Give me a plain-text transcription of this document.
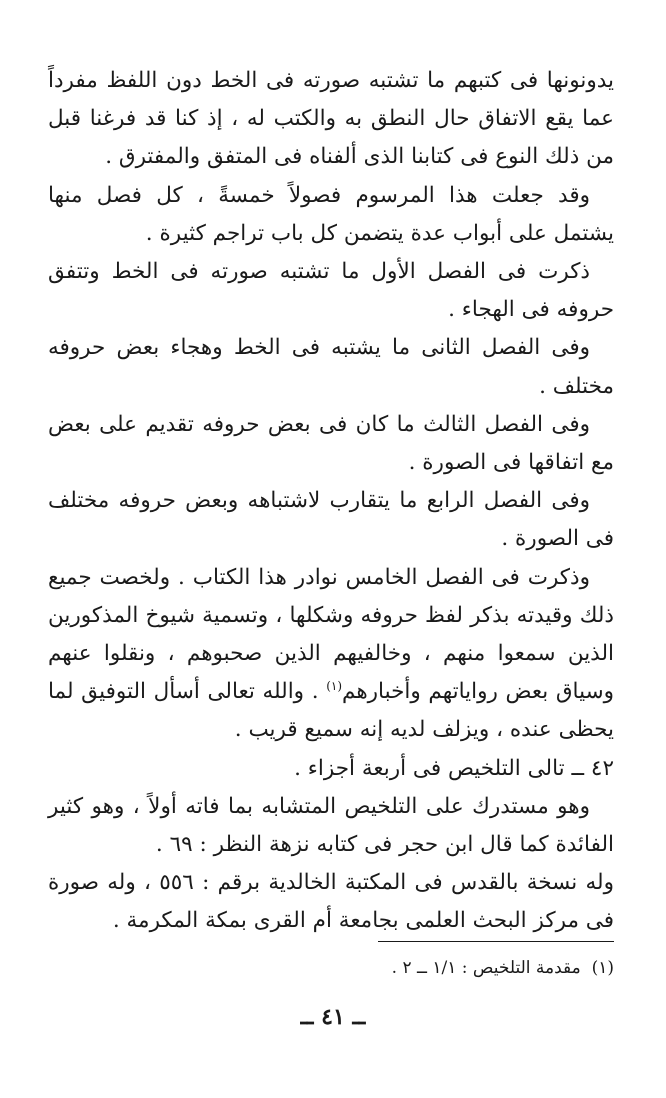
يدونونها فى كتبهم ما تشتبه صورته فى الخط دون اللفظ مفرداً عما يقع الاتفاق حال النطق به والكتب له ، إذ كنا قد فرغنا قبل من ذلك النوع فى كتابنا الذى ألفناه فى المتفق والمفترق .

وقد جعلت هذا المرسوم فصولاً خمسةً ، كل فصل منها يشتمل على أبواب عدة يتضمن كل باب تراجم كثيرة .

ذكرت فى الفصل الأول ما تشتبه صورته فى الخط وتتفق حروفه فى الهجاء .

وفى الفصل الثانى ما يشتبه فى الخط وهجاء بعض حروفه مختلف .

وفى الفصل الثالث ما كان فى بعض حروفه تقديم على بعض مع اتفاقها فى الصورة .

وفى الفصل الرابع ما يتقارب لاشتباهه وبعض حروفه مختلف فى الصورة .

وذكرت فى الفصل الخامس نوادر هذا الكتاب . ولخصت جميع ذلك وقيدته بذكر لفظ حروفه وشكلها ، وتسمية شيوخ المذكورين الذين سمعوا منهم ، وخالفيهم الذين صحبوهم ، ونقلوا عنهم وسياق بعض رواياتهم وأخبارهم$^{(١)}$ . والله تعالى أسأل التوفيق لما يحظى عنده ، ويزلف لديه إنه سميع قريب .

٤٢ ــ تالى التلخيص فى أربعة أجزاء .

وهو مستدرك على التلخيص المتشابه بما فاته أولاً ، وهو كثير الفائدة كما قال ابن حجر فى كتابه نزهة النظر : ٦٩ .

وله نسخة بالقدس فى المكتبة الخالدية برقم : ٥٥٦ ، وله صورة فى مركز البحث العلمى بجامعة أم القرى بمكة المكرمة .

(١)  مقدمة التلخيص : ١/١ ــ ٢ .

ــ ٤١ ــ
